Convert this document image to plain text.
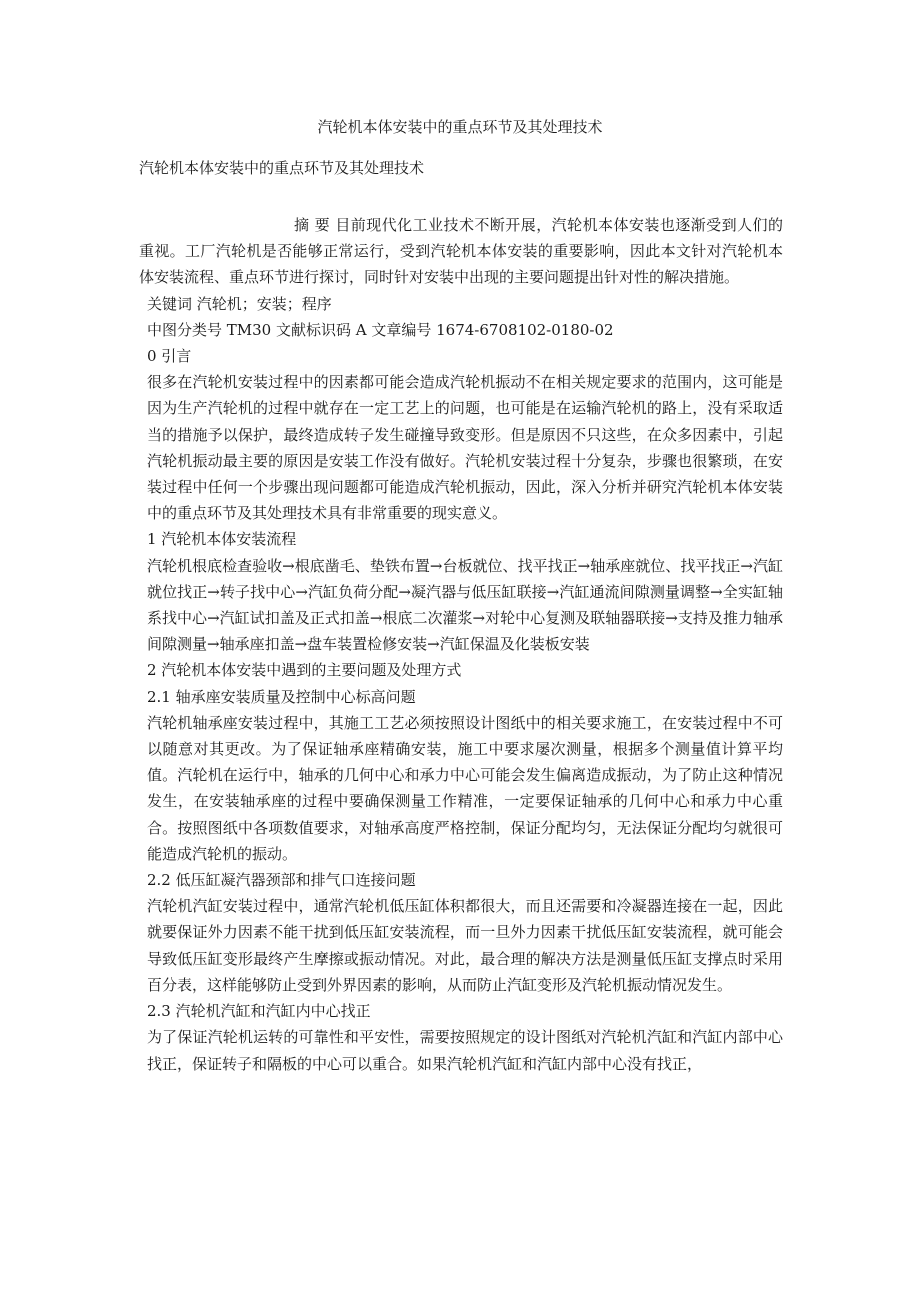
汽轮机本体安装中的重点环节及其处理技术
汽轮机本体安装中的重点环节及其处理技术

摘 要 目前现代化工业技术不断开展，汽轮机本体安装也逐渐受到人们的重视。工厂汽轮机是否能够正常运行，受到汽轮机本体安装的重要影响，因此本文针对汽轮机本体安装流程、重点环节进行探讨，同时针对安装中出现的主要问题提出针对性的解决措施。

关键词 汽轮机；安装；程序

中图分类号 TM30 文献标识码 A 文章编号 1674-6708102-0180-02

0 引言

很多在汽轮机安装过程中的因素都可能会造成汽轮机振动不在相关规定要求的范围内，这可能是因为生产汽轮机的过程中就存在一定工艺上的问题，也可能是在运输汽轮机的路上，没有采取适当的措施予以保护，最终造成转子发生碰撞导致变形。但是原因不只这些，在众多因素中，引起汽轮机振动最主要的原因是安装工作没有做好。汽轮机安装过程十分复杂，步骤也很繁琐，在安装过程中任何一个步骤出现问题都可能造成汽轮机振动，因此，深入分析并研究汽轮机本体安装中的重点环节及其处理技术具有非常重要的现实意义。

1 汽轮机本体安装流程

汽轮机根底检查验收→根底凿毛、垫铁布置→台板就位、找平找正→轴承座就位、找平找正→汽缸就位找正→转子找中心→汽缸负荷分配→凝汽器与低压缸联接→汽缸通流间隙测量调整→全实缸轴系找中心→汽缸试扣盖及正式扣盖→根底二次灌浆→对轮中心复测及联轴器联接→支持及推力轴承间隙测量→轴承座扣盖→盘车装置检修安装→汽缸保温及化装板安装

2 汽轮机本体安装中遇到的主要问题及处理方式

2.1 轴承座安装质量及控制中心标高问题

汽轮机轴承座安装过程中，其施工工艺必须按照设计图纸中的相关要求施工，在安装过程中不可以随意对其更改。为了保证轴承座精确安装，施工中要求屡次测量，根据多个测量值计算平均值。汽轮机在运行中，轴承的几何中心和承力中心可能会发生偏离造成振动，为了防止这种情况发生，在安装轴承座的过程中要确保测量工作精准，一定要保证轴承的几何中心和承力中心重合。按照图纸中各项数值要求，对轴承高度严格控制，保证分配均匀，无法保证分配均匀就很可能造成汽轮机的振动。

2.2 低压缸凝汽器颈部和排气口连接问题

汽轮机汽缸安装过程中，通常汽轮机低压缸体积都很大，而且还需要和冷凝器连接在一起，因此就要保证外力因素不能干扰到低压缸安装流程，而一旦外力因素干扰低压缸安装流程，就可能会导致低压缸变形最终产生摩擦或振动情况。对此，最合理的解决方法是测量低压缸支撑点时采用百分表，这样能够防止受到外界因素的影响，从而防止汽缸变形及汽轮机振动情况发生。

2.3 汽轮机汽缸和汽缸内中心找正

为了保证汽轮机运转的可靠性和平安性，需要按照规定的设计图纸对汽轮机汽缸和汽缸内部中心找正，保证转子和隔板的中心可以重合。如果汽轮机汽缸和汽缸内部中心没有找正，
